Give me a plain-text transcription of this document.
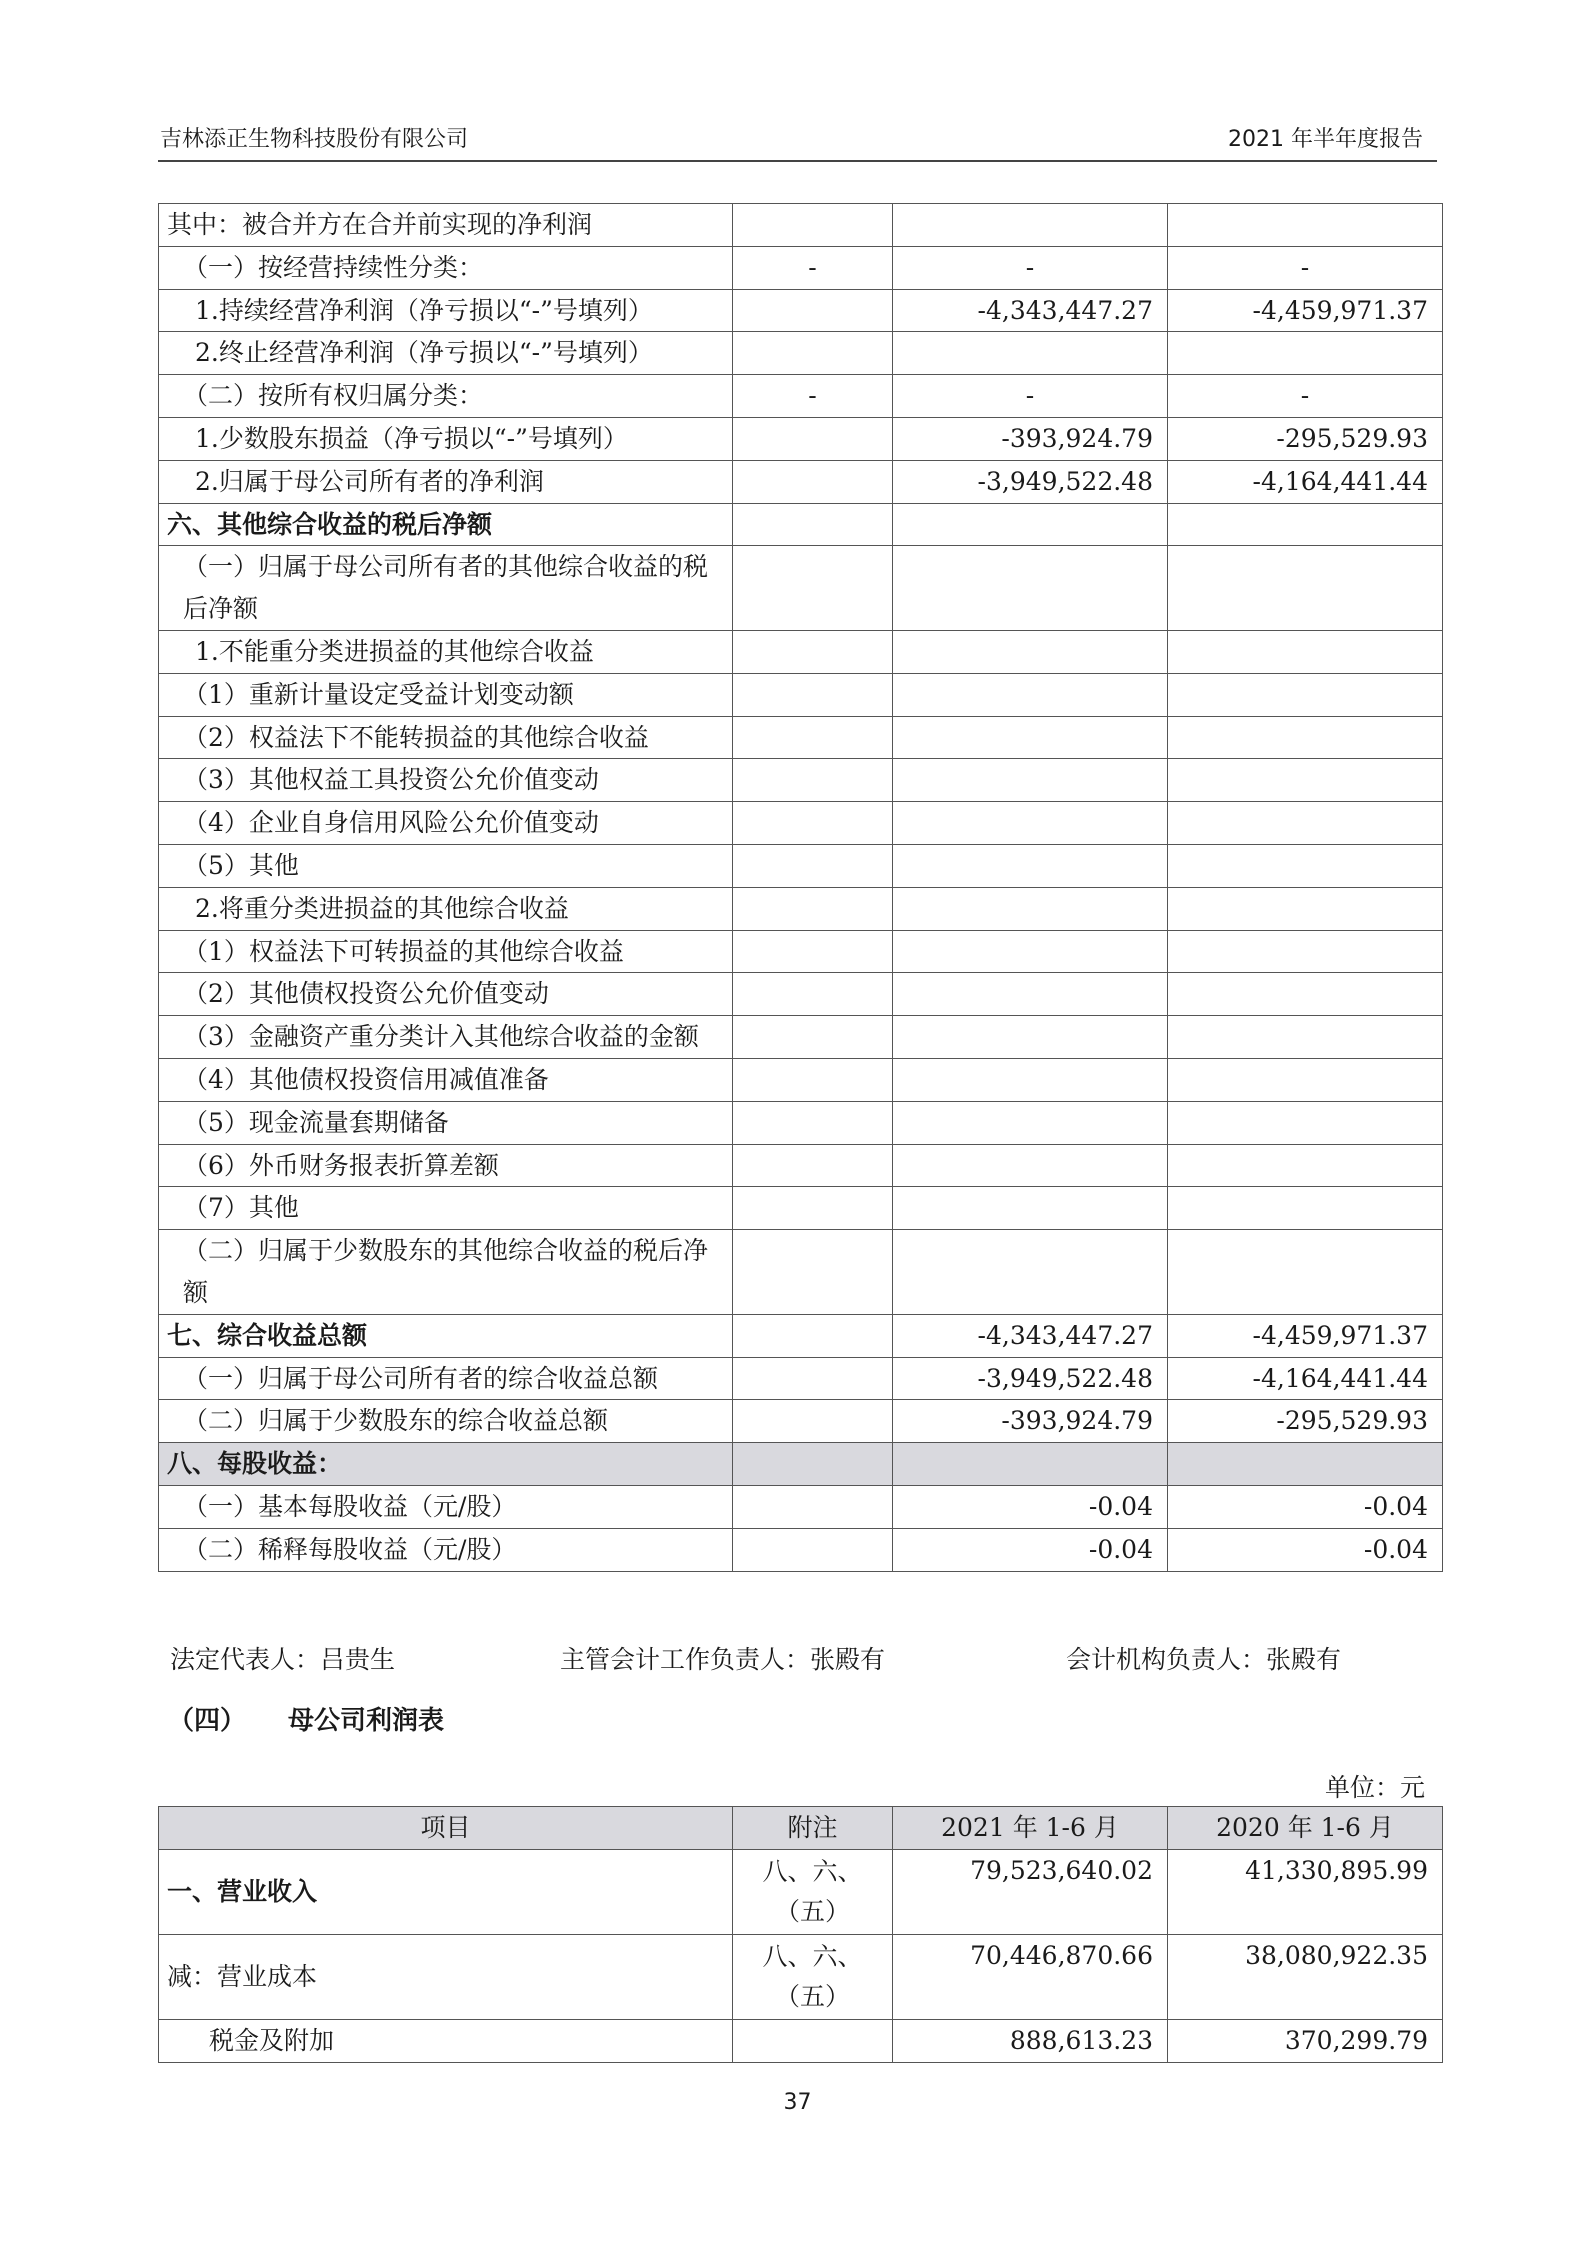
吉林添正生物科技股份有限公司	2021 年半年度报告
其中：被合并方在合并前实现的净利润			
（一）按经营持续性分类：	-	-	-
1.持续经营净利润（净亏损以“-”号填列）		-4,343,447.27	-4,459,971.37
2.终止经营净利润（净亏损以“-”号填列）			
（二）按所有权归属分类：	-	-	-
1.少数股东损益（净亏损以“-”号填列）		-393,924.79	-295,529.93
2.归属于母公司所有者的净利润		-3,949,522.48	-4,164,441.44
六、其他综合收益的税后净额			
（一）归属于母公司所有者的其他综合收益的税后净额			
1.不能重分类进损益的其他综合收益			
（1）重新计量设定受益计划变动额			
（2）权益法下不能转损益的其他综合收益			
（3）其他权益工具投资公允价值变动			
（4）企业自身信用风险公允价值变动			
（5）其他			
2.将重分类进损益的其他综合收益			
（1）权益法下可转损益的其他综合收益			
（2）其他债权投资公允价值变动			
（3）金融资产重分类计入其他综合收益的金额			
（4）其他债权投资信用减值准备			
（5）现金流量套期储备			
（6）外币财务报表折算差额			
（7）其他			
（二）归属于少数股东的其他综合收益的税后净额			
七、综合收益总额		-4,343,447.27	-4,459,971.37
（一）归属于母公司所有者的综合收益总额		-3,949,522.48	-4,164,441.44
（二）归属于少数股东的综合收益总额		-393,924.79	-295,529.93
八、每股收益：			
（一）基本每股收益（元/股）		-0.04	-0.04
（二）稀释每股收益（元/股）		-0.04	-0.04
法定代表人：吕贵生	主管会计工作负责人：张殿有	会计机构负责人：张殿有
（四） 母公司利润表
单位：元
项目	附注	2021 年 1-6 月	2020 年 1-6 月
一、营业收入	八、六、（五）	79,523,640.02	41,330,895.99
减：营业成本	八、六、（五）	70,446,870.66	38,080,922.35
税金及附加		888,613.23	370,299.79
37
